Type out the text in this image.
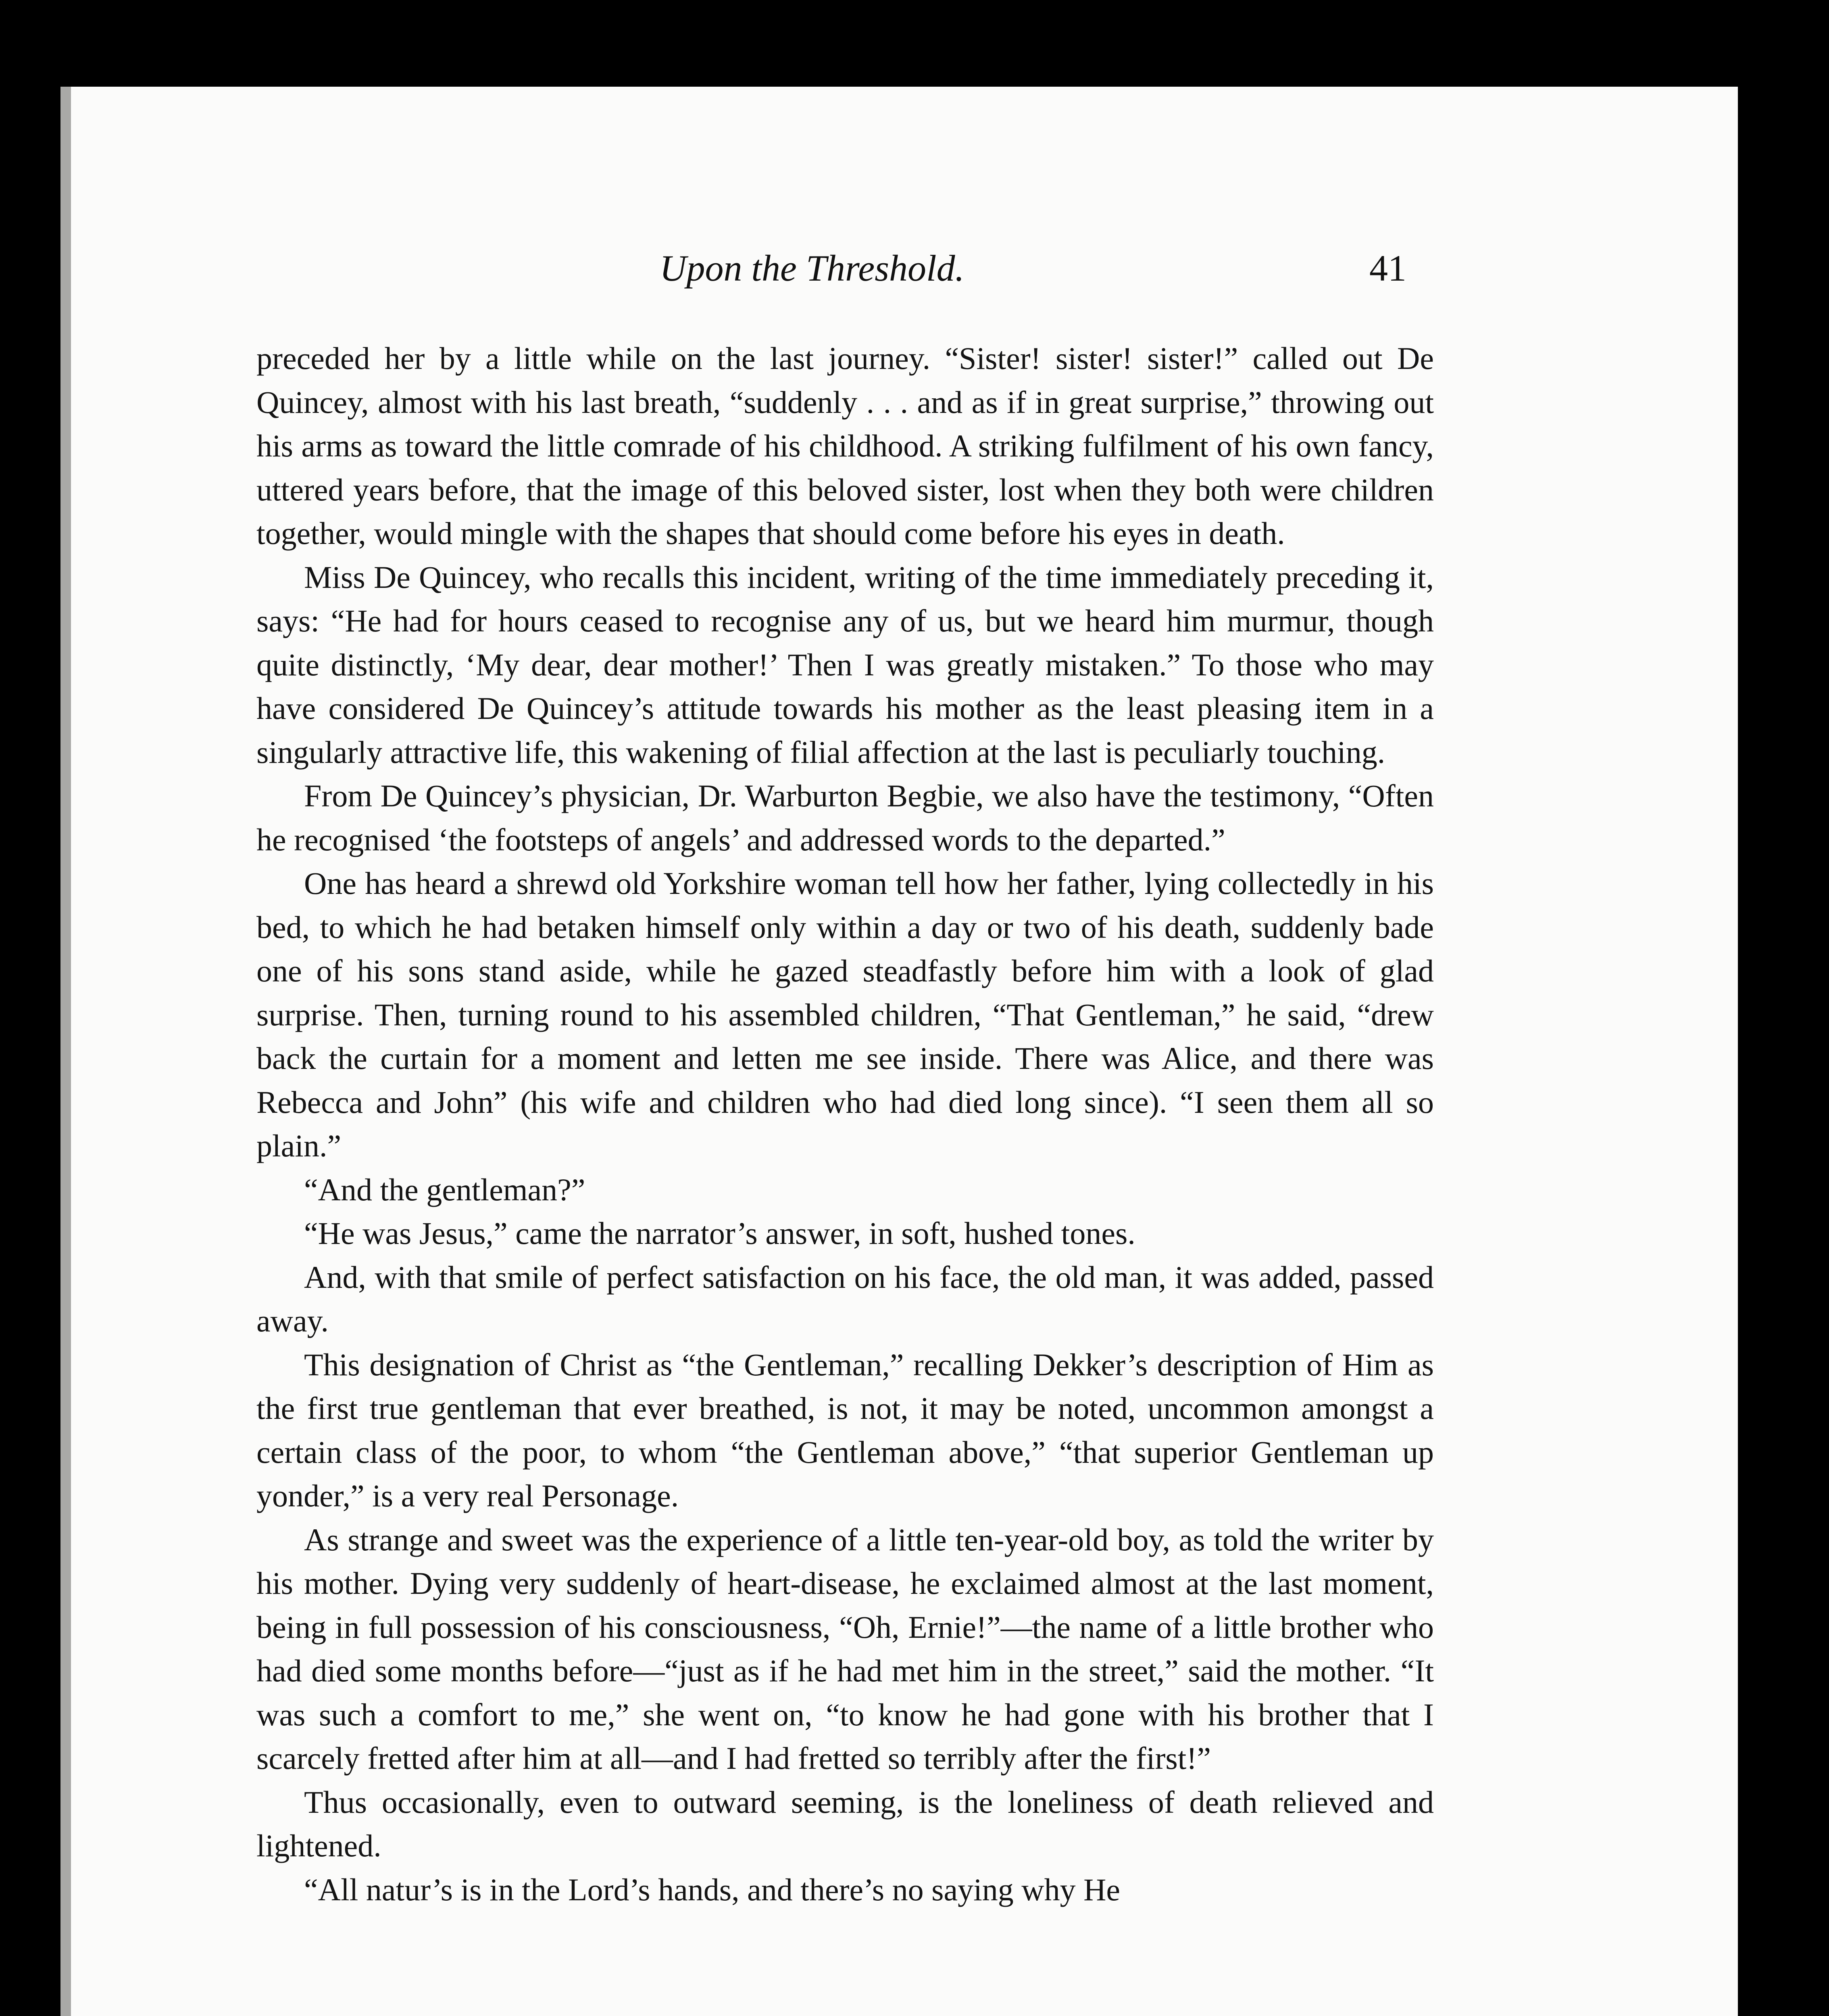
Upon the Threshold.	41

preceded her by a little while on the last journey. “Sister! sister! sister!” called out De Quincey, almost with his last breath, “suddenly . . . and as if in great surprise,” throwing out his arms as toward the little comrade of his childhood. A striking fulfilment of his own fancy, uttered years before, that the image of this beloved sister, lost when they both were children together, would mingle with the shapes that should come before his eyes in death.

Miss De Quincey, who recalls this incident, writing of the time immediately preceding it, says: “He had for hours ceased to recognise any of us, but we heard him murmur, though quite distinctly, ‘My dear, dear mother!’ Then I was greatly mistaken.” To those who may have considered De Quincey’s attitude towards his mother as the least pleasing item in a singularly attractive life, this wakening of filial affection at the last is peculiarly touching.

From De Quincey’s physician, Dr. Warburton Begbie, we also have the testimony, “Often he recognised ‘the footsteps of angels’ and addressed words to the departed.”

One has heard a shrewd old Yorkshire woman tell how her father, lying collectedly in his bed, to which he had betaken himself only within a day or two of his death, suddenly bade one of his sons stand aside, while he gazed steadfastly before him with a look of glad surprise. Then, turning round to his assembled children, “That Gentleman,” he said, “drew back the curtain for a moment and letten me see inside. There was Alice, and there was Rebecca and John” (his wife and children who had died long since). “I seen them all so plain.”

“And the gentleman?”

“He was Jesus,” came the narrator’s answer, in soft, hushed tones.

And, with that smile of perfect satisfaction on his face, the old man, it was added, passed away.

This designation of Christ as “the Gentleman,” recalling Dekker’s description of Him as the first true gentleman that ever breathed, is not, it may be noted, uncommon amongst a certain class of the poor, to whom “the Gentleman above,” “that superior Gentleman up yonder,” is a very real Personage.

As strange and sweet was the experience of a little ten-year-old boy, as told the writer by his mother. Dying very suddenly of heart-disease, he exclaimed almost at the last moment, being in full possession of his consciousness, “Oh, Ernie!”—the name of a little brother who had died some months before—“just as if he had met him in the street,” said the mother. “It was such a comfort to me,” she went on, “to know he had gone with his brother that I scarcely fretted after him at all—and I had fretted so terribly after the first!”

Thus occasionally, even to outward seeming, is the loneliness of death relieved and lightened.

“All natur’s is in the Lord’s hands, and there’s no saying why He
